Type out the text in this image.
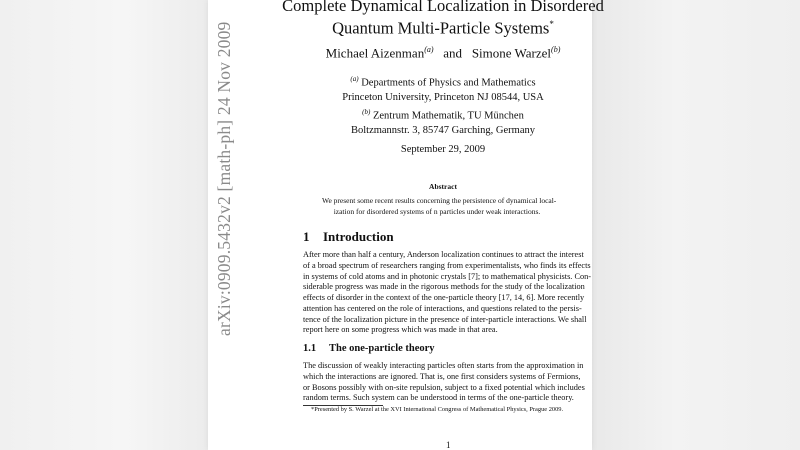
arXiv:0909.5432v2 [math-ph] 24 Nov 2009
Complete Dynamical Localization in Disordered
Quantum Multi-Particle Systems*
Michael Aizenman$^{(a)}$ and Simone Warzel$^{(b)}$
$^{(a)}$ Departments of Physics and Mathematics
Princeton University, Princeton NJ 08544, USA
$^{(b)}$ Zentrum Mathematik, TU München
Boltzmannstr. 3, 85747 Garching, Germany
September 29, 2009
Abstract
We present some recent results concerning the persistence of dynamical local-
ization for disordered systems of n particles under weak interactions.
1 Introduction
After more than half a century, Anderson localization continues to attract the interest
of a broad spectrum of researchers ranging from experimentalists, who finds its effects
in systems of cold atoms and in photonic crystals [7]; to mathematical physicists. Con-
siderable progress was made in the rigorous methods for the study of the localization
effects of disorder in the context of the one-particle theory [17, 14, 6]. More recently
attention has centered on the role of interactions, and questions related to the persis-
tence of the localization picture in the presence of inter-particle interactions. We shall
report here on some progress which was made in that area.
1.1 The one-particle theory
The discussion of weakly interacting particles often starts from the approximation in
which the interactions are ignored. That is, one first considers systems of Fermions,
or Bosons possibly with on-site repulsion, subject to a fixed potential which includes
random terms. Such system can be understood in terms of the one-particle theory.
*Presented by S. Warzel at the XVI International Congress of Mathematical Physics, Prague 2009.
1
